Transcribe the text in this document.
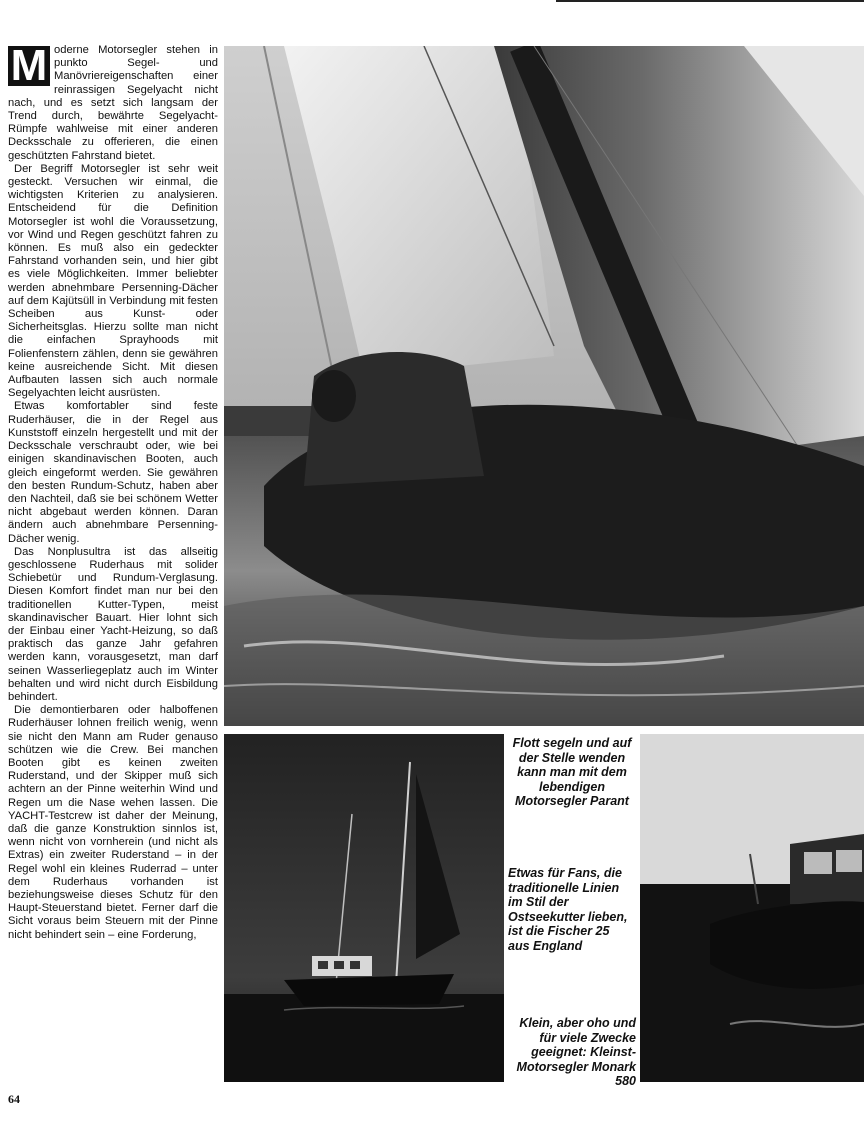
M oderne Motorsegler stehen in punkto Segel- und Manövriereigenschaften einer reinrassigen Segelyacht nicht nach, und es setzt sich langsam der Trend durch, bewährte Segelyacht-Rümpfe wahlweise mit einer anderen Decksschale zu offerieren, die einen geschützten Fahrstand bietet.

Der Begriff Motorsegler ist sehr weit gesteckt. Versuchen wir einmal, die wichtigsten Kriterien zu analysieren. Entscheidend für die Definition Motorsegler ist wohl die Voraussetzung, vor Wind und Regen geschützt fahren zu können. Es muß also ein gedeckter Fahrstand vorhanden sein, und hier gibt es viele Möglichkeiten. Immer beliebter werden abnehmbare Persenning-Dächer auf dem Kajütsüll in Verbindung mit festen Scheiben aus Kunst- oder Sicherheitsglas. Hierzu sollte man nicht die einfachen Sprayhoods mit Folienfenstern zählen, denn sie gewähren keine ausreichende Sicht. Mit diesen Aufbauten lassen sich auch normale Segelyachten leicht ausrüsten.

Etwas komfortabler sind feste Ruderhäuser, die in der Regel aus Kunststoff einzeln hergestellt und mit der Decksschale verschraubt oder, wie bei einigen skandinavischen Booten, auch gleich eingeformt werden. Sie gewähren den besten Rundum-Schutz, haben aber den Nachteil, daß sie bei schönem Wetter nicht abgebaut werden können. Daran ändern auch abnehmbare Persenning-Dächer wenig.

Das Nonplusultra ist das allseitig geschlossene Ruderhaus mit solider Schiebetür und Rundum-Verglasung. Diesen Komfort findet man nur bei den traditionellen Kutter-Typen, meist skandinavischer Bauart. Hier lohnt sich der Einbau einer Yacht-Heizung, so daß praktisch das ganze Jahr gefahren werden kann, vorausgesetzt, man darf seinen Wasserliegeplatz auch im Winter behalten und wird nicht durch Eisbildung behindert.

Die demontierbaren oder halboffenen Ruderhäuser lohnen freilich wenig, wenn sie nicht den Mann am Ruder genauso schützen wie die Crew. Bei manchen Booten gibt es keinen zweiten Ruderstand, und der Skipper muß sich achtern an der Pinne weiterhin Wind und Regen um die Nase wehen lassen. Die YACHT-Testcrew ist daher der Meinung, daß die ganze Konstruktion sinnlos ist, wenn nicht von vornherein (und nicht als Extras) ein zweiter Ruderstand – in der Regel wohl ein kleines Ruderrad – unter dem Ruderhaus vorhanden ist beziehungsweise dieses Schutz für den Haupt-Steuerstand bietet. Ferner darf die Sicht voraus beim Steuern mit der Pinne nicht behindert sein – eine Forderung,

Flott segeln und auf der Stelle wenden kann man mit dem lebendigen Motorsegler Parant

Etwas für Fans, die traditionelle Linien im Stil der Ostseekutter lieben, ist die Fischer 25 aus England

Klein, aber oho und für viele Zwecke geeignet: Kleinst-Motorsegler Monark 580

64
